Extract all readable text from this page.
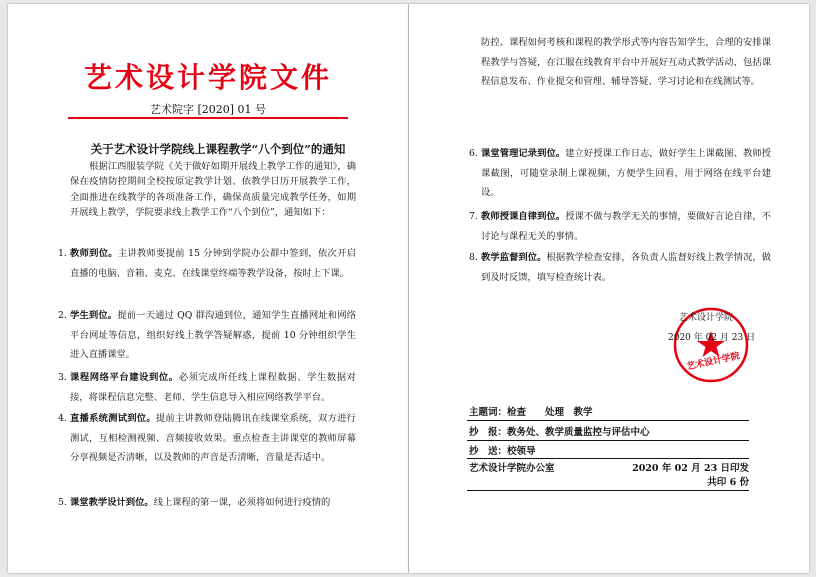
艺术设计学院文件
艺术院字 [2020] 01 号
关于艺术设计学院线上课程教学“八个到位”的通知
根据江西服装学院《关于做好如期开展线上教学工作的通知》，确保在疫情防控期间全校按原定教学计划、依教学日历开展教学工作，全面推进在线教学的各项准备工作，确保高质量完成教学任务，如期开展线上教学，学院要求线上教学工作“八个到位”，通知如下：
1. 教师到位。主讲教师要提前 15 分钟到学院办公群中签到，依次开启直播的电脑、音箱、麦克、在线课堂终端等教学设备，按时上下课。
2. 学生到位。提前一天通过 QQ 群沟通到位，通知学生直播网址和网络平台网址等信息，组织好线上教学答疑解惑，提前 10 分钟组织学生进入直播课堂。
3. 课程网络平台建设到位。必须完成所任线上课程数据、学生数据对接，将课程信息完整、老师、学生信息导入相应网络教学平台。
4. 直播系统测试到位。提前主讲教师登陆腾讯在线课堂系统，双方进行测试，互相检测视频、音频接收效果。重点检查主讲课堂的教师屏幕分享视频是否清晰，以及教师的声音是否清晰，音量是否适中。
5. 课堂教学设计到位。线上课程的第一课，必须将如何进行疫情的
防控、课程如何考核和课程的教学形式等内容告知学生，合理的安排课程教学与答疑，在江服在线教育平台中开展好互动式教学活动，包括课程信息发布、作业提交和管理、辅导答疑、学习讨论和在线测试等。
6. 课堂管理记录到位。建立好授课工作日志，做好学生上课截图、教师授课截图，可随堂录制上课视频，方便学生回看，用于网络在线平台建设。
7. 教师授课自律到位。授课不做与教学无关的事情，要做好言论自律，不讨论与课程无关的事情。
8. 教学监督到位。根据教学检查安排，各负责人监督好线上教学情况，做到及时反馈，填写检查统计表。
艺术设计学院
艺术设计学院
2020 年 02 月 23 日
主题词：检查　　处理　教学
抄　报：教务处、教学质量监控与评估中心
抄　送：校领导
艺术设计学院办公室	2020 年 02 月 23 日印发
共印 6 份
